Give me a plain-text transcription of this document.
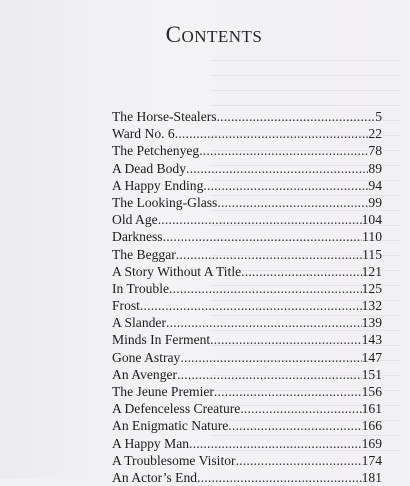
CONTENTS
The Horse-Stealers .....	5
Ward No. 6 .....	22
The Petchenyeg .....	78
A Dead Body .....	89
A Happy Ending .....	94
The Looking-Glass .....	99
Old Age .....	104
Darkness .....	110
The Beggar .....	115
A Story Without A Title .....	121
In Trouble .....	125
Frost .....	132
A Slander .....	139
Minds In Ferment .....	143
Gone Astray .....	147
An Avenger .....	151
The Jeune Premier .....	156
A Defenceless Creature .....	161
An Enigmatic Nature .....	166
A Happy Man .....	169
A Troublesome Visitor .....	174
An Actor’s End .....	181
